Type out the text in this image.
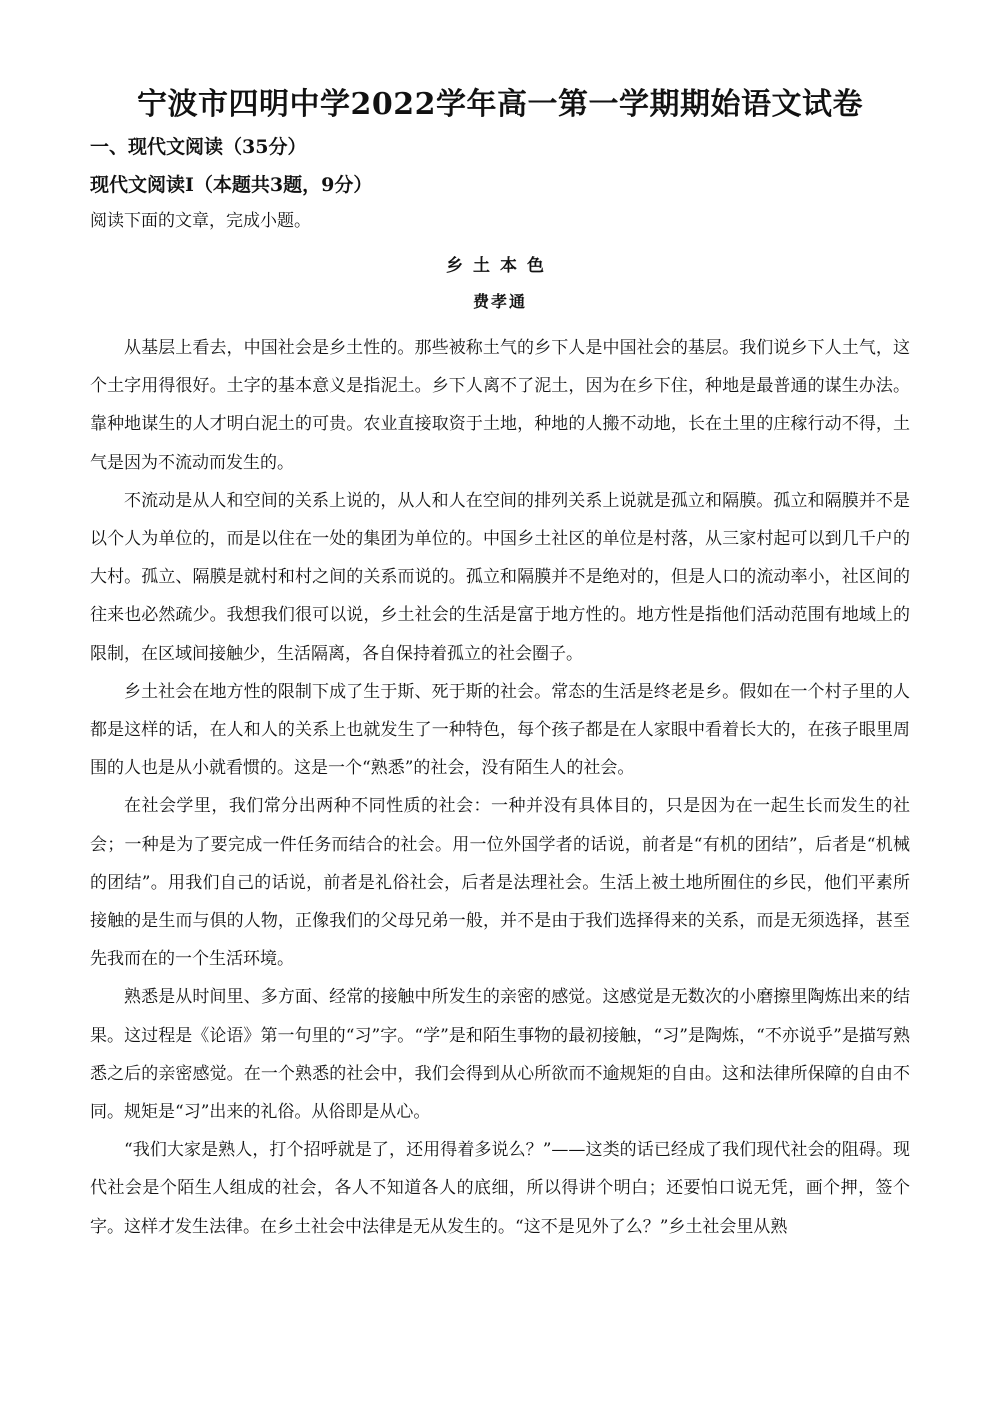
宁波市四明中学2022学年高一第一学期期始语文试卷
一、现代文阅读（35分）
现代文阅读Ⅰ（本题共3题，9分）
阅读下面的文章，完成小题。
乡土本色
费孝通

从基层上看去，中国社会是乡土性的。那些被称土气的乡下人是中国社会的基层。我们说乡下人土气，这个土字用得很好。土字的基本意义是指泥土。乡下人离不了泥土，因为在乡下住，种地是最普通的谋生办法。靠种地谋生的人才明白泥土的可贵。农业直接取资于土地，种地的人搬不动地，长在土里的庄稼行动不得，土气是因为不流动而发生的。

不流动是从人和空间的关系上说的，从人和人在空间的排列关系上说就是孤立和隔膜。孤立和隔膜并不是以个人为单位的，而是以住在一处的集团为单位的。中国乡土社区的单位是村落，从三家村起可以到几千户的大村。孤立、隔膜是就村和村之间的关系而说的。孤立和隔膜并不是绝对的，但是人口的流动率小，社区间的往来也必然疏少。我想我们很可以说，乡土社会的生活是富于地方性的。地方性是指他们活动范围有地域上的限制，在区域间接触少，生活隔离，各自保持着孤立的社会圈子。

乡土社会在地方性的限制下成了生于斯、死于斯的社会。常态的生活是终老是乡。假如在一个村子里的人都是这样的话，在人和人的关系上也就发生了一种特色，每个孩子都是在人家眼中看着长大的，在孩子眼里周围的人也是从小就看惯的。这是一个“熟悉”的社会，没有陌生人的社会。

在社会学里，我们常分出两种不同性质的社会：一种并没有具体目的，只是因为在一起生长而发生的社会；一种是为了要完成一件任务而结合的社会。用一位外国学者的话说，前者是“有机的团结”，后者是“机械的团结”。用我们自己的话说，前者是礼俗社会，后者是法理社会。生活上被土地所囿住的乡民，他们平素所接触的是生而与俱的人物，正像我们的父母兄弟一般，并不是由于我们选择得来的关系，而是无须选择，甚至先我而在的一个生活环境。

熟悉是从时间里、多方面、经常的接触中所发生的亲密的感觉。这感觉是无数次的小磨擦里陶炼出来的结果。这过程是《论语》第一句里的“习”字。“学”是和陌生事物的最初接触，“习”是陶炼，“不亦说乎”是描写熟悉之后的亲密感觉。在一个熟悉的社会中，我们会得到从心所欲而不逾规矩的自由。这和法律所保障的自由不同。规矩是“习”出来的礼俗。从俗即是从心。

“我们大家是熟人，打个招呼就是了，还用得着多说么？”——这类的话已经成了我们现代社会的阻碍。现代社会是个陌生人组成的社会，各人不知道各人的底细，所以得讲个明白；还要怕口说无凭，画个押，签个字。这样才发生法律。在乡土社会中法律是无从发生的。“这不是见外了么？”乡土社会里从熟
